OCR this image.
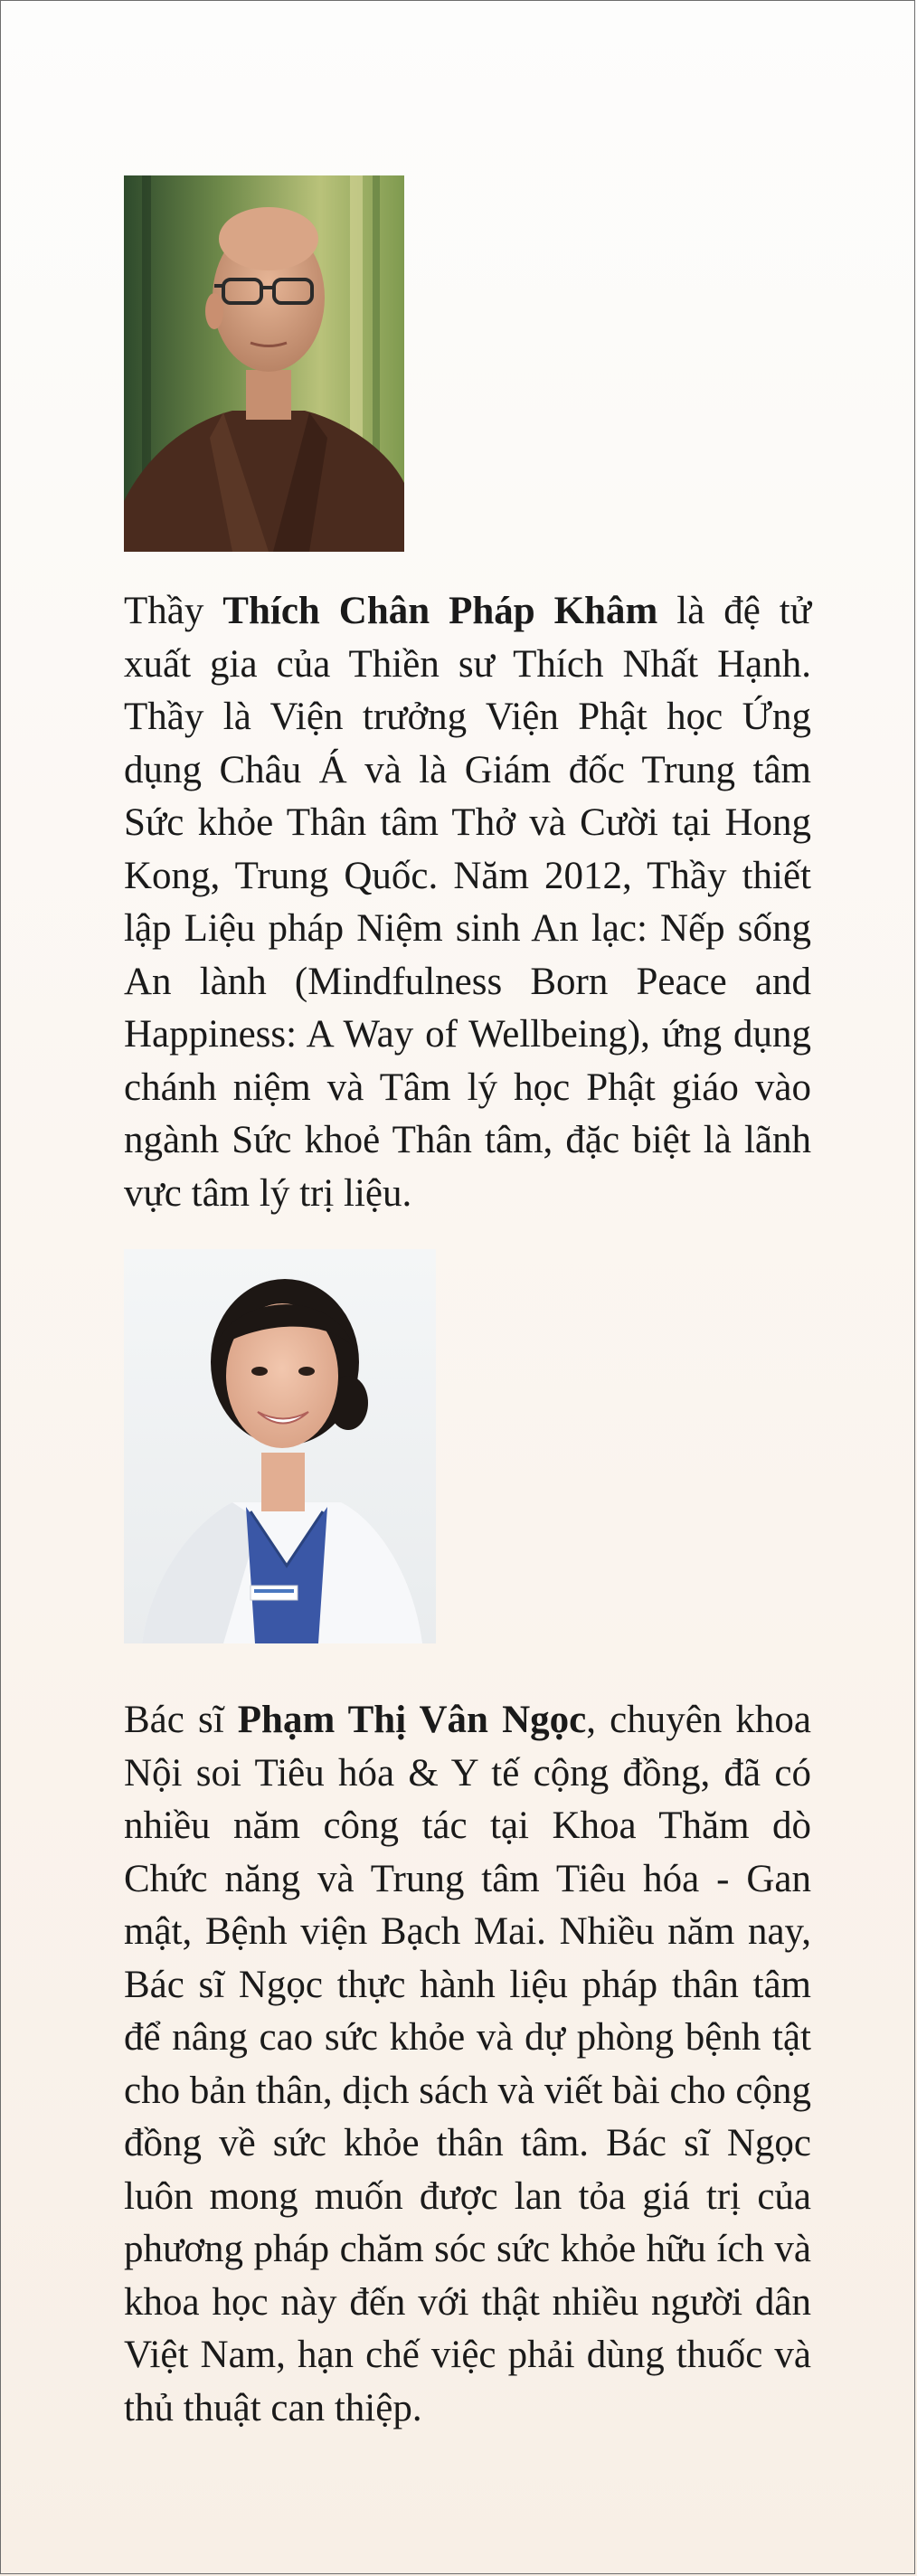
Thầy Thích Chân Pháp Khâm là đệ tử xuất gia của Thiền sư Thích Nhất Hạnh. Thầy là Viện trưởng Viện Phật học Ứng dụng Châu Á và là Giám đốc Trung tâm Sức khỏe Thân tâm Thở và Cười tại Hong Kong, Trung Quốc. Năm 2012, Thầy thiết lập Liệu pháp Niệm sinh An lạc: Nếp sống An lành (Mindfulness Born Peace and Happiness: A Way of Wellbeing), ứng dụng chánh niệm và Tâm lý học Phật giáo vào ngành Sức khoẻ Thân tâm, đặc biệt là lãnh vực tâm lý trị liệu.
Bác sĩ Phạm Thị Vân Ngọc, chuyên khoa Nội soi Tiêu hóa & Y tế cộng đồng, đã có nhiều năm công tác tại Khoa Thăm dò Chức năng và Trung tâm Tiêu hóa - Gan mật, Bệnh viện Bạch Mai. Nhiều năm nay, Bác sĩ Ngọc thực hành liệu pháp thân tâm để nâng cao sức khỏe và dự phòng bệnh tật cho bản thân, dịch sách và viết bài cho cộng đồng về sức khỏe thân tâm. Bác sĩ Ngọc luôn mong muốn được lan tỏa giá trị của phương pháp chăm sóc sức khỏe hữu ích và khoa học này đến với thật nhiều người dân Việt Nam, hạn chế việc phải dùng thuốc và thủ thuật can thiệp.
